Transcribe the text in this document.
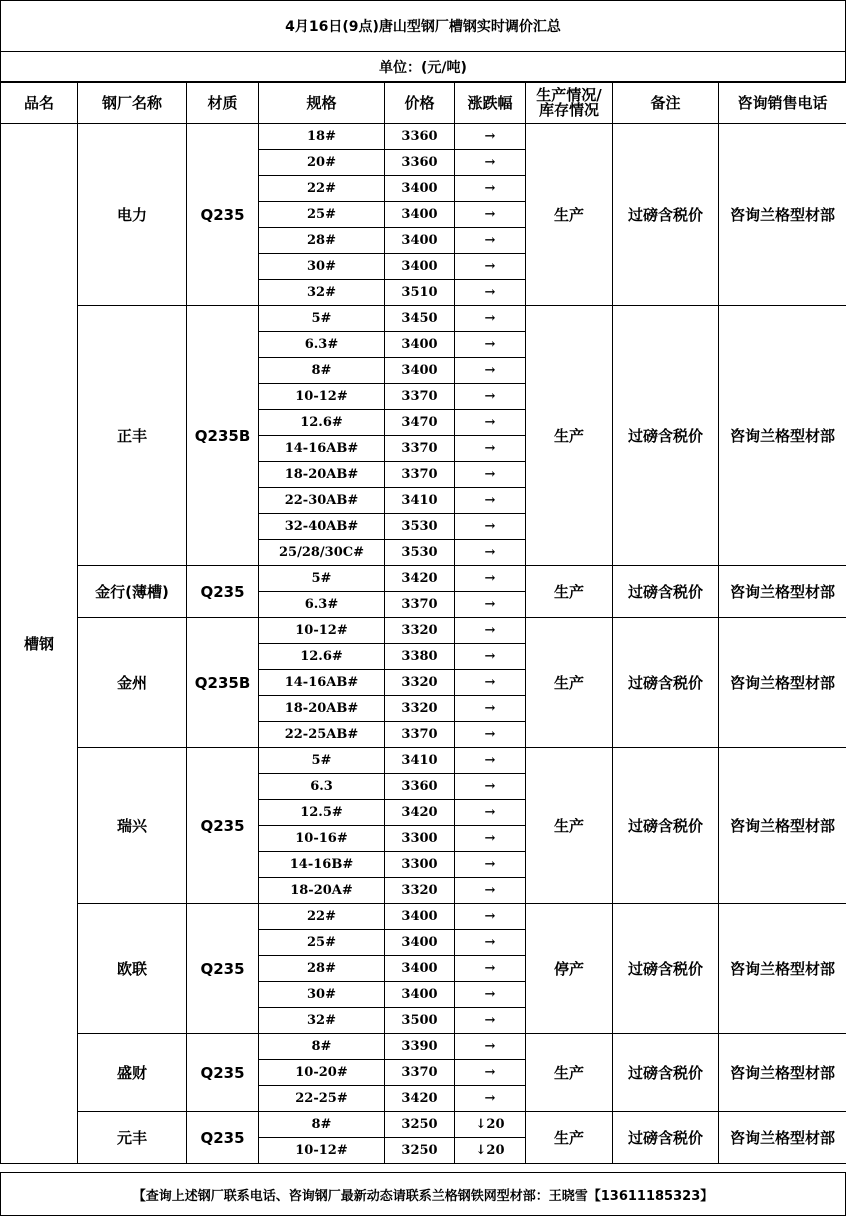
4月16日(9点)唐山型钢厂槽钢实时调价汇总
单位：(元/吨)
品名	钢厂名称	材质	规格	价格	涨跌幅	生产情况/
库存情况	备注	咨询销售电话
槽钢	电力	Q235	18#	3360	→	生产	过磅含税价	咨询兰格型材部
			20#	3360	→			
			22#	3400	→			
			25#	3400	→			
			28#	3400	→			
			30#	3400	→			
			32#	3510	→			
	正丰	Q235B	5#	3450	→	生产	过磅含税价	咨询兰格型材部
			6.3#	3400	→			
			8#	3400	→			
			10-12#	3370	→			
			12.6#	3470	→			
			14-16AB#	3370	→			
			18-20AB#	3370	→			
			22-30AB#	3410	→			
			32-40AB#	3530	→			
			25/28/30C#	3530	→			
	金行(薄槽)	Q235	5#	3420	→	生产	过磅含税价	咨询兰格型材部
			6.3#	3370	→			
	金州	Q235B	10-12#	3320	→	生产	过磅含税价	咨询兰格型材部
			12.6#	3380	→			
			14-16AB#	3320	→			
			18-20AB#	3320	→			
			22-25AB#	3370	→			
	瑞兴	Q235	5#	3410	→	生产	过磅含税价	咨询兰格型材部
			6.3	3360	→			
			12.5#	3420	→			
			10-16#	3300	→			
			14-16B#	3300	→			
			18-20A#	3320	→			
	欧联	Q235	22#	3400	→	停产	过磅含税价	咨询兰格型材部
			25#	3400	→			
			28#	3400	→			
			30#	3400	→			
			32#	3500	→			
	盛财	Q235	8#	3390	→	生产	过磅含税价	咨询兰格型材部
			10-20#	3370	→			
			22-25#	3420	→			
	元丰	Q235	8#	3250	↓20	生产	过磅含税价	咨询兰格型材部
			10-12#	3250	↓20			
【查询上述钢厂联系电话、咨询钢厂最新动态请联系兰格钢铁网型材部：王晓雪【13611185323】
